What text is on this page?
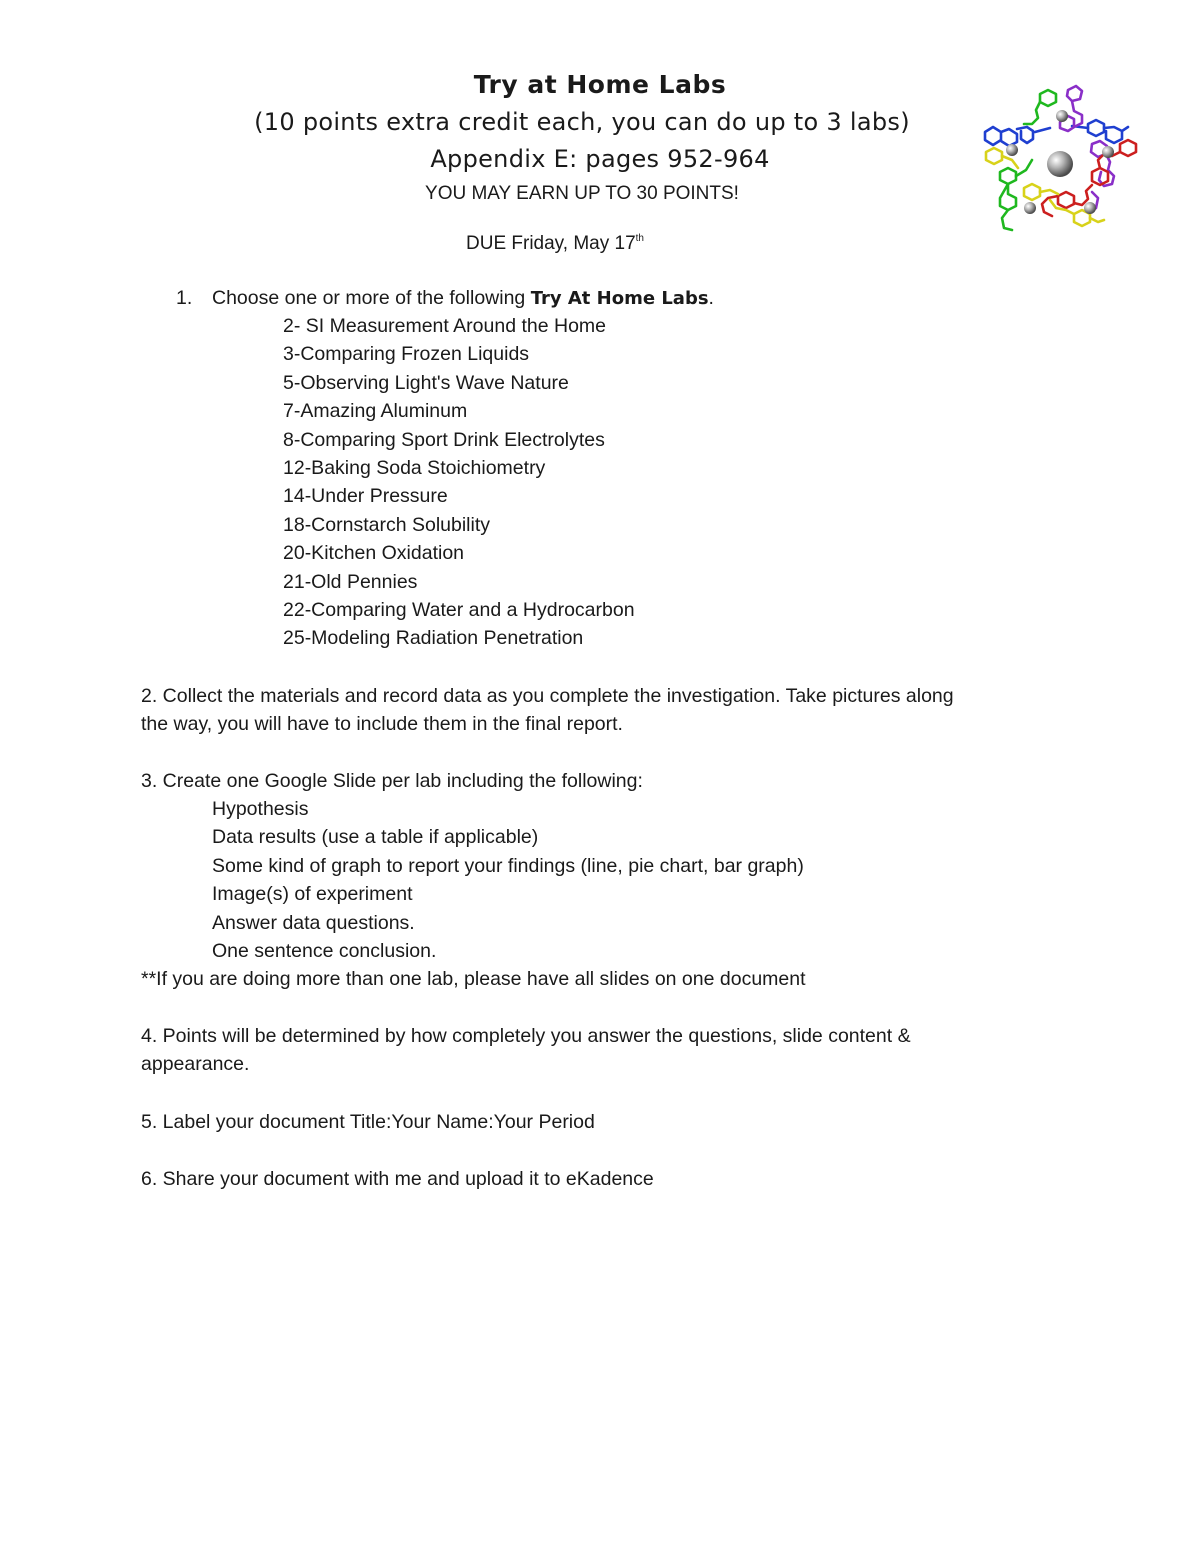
Try at Home Labs
(10 points extra credit each, you can do up to 3 labs)
Appendix E: pages 952-964
YOU MAY EARN UP TO 30 POINTS!
DUE Friday, May 17th
1. Choose one or more of the following Try At Home Labs.
2- SI Measurement Around the Home
3-Comparing Frozen Liquids
5-Observing Light's Wave Nature
7-Amazing Aluminum
8-Comparing Sport Drink Electrolytes
12-Baking Soda Stoichiometry
14-Under Pressure
18-Cornstarch Solubility
20-Kitchen Oxidation
21-Old Pennies
22-Comparing Water and a Hydrocarbon
25-Modeling Radiation Penetration
2. Collect the materials and record data as you complete the investigation. Take pictures along
the way, you will have to include them in the final report.
3. Create one Google Slide per lab including the following:
Hypothesis
Data results (use a table if applicable)
Some kind of graph to report your findings (line, pie chart, bar graph)
Image(s) of experiment
Answer data questions.
One sentence conclusion.
**If you are doing more than one lab, please have all slides on one document
4. Points will be determined by how completely you answer the questions, slide content &
appearance.
5. Label your document Title:Your Name:Your Period
6. Share your document with me and upload it to eKadence
